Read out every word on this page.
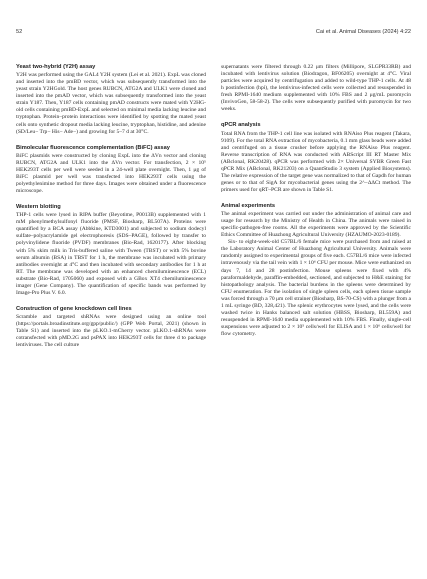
52	Cai et al. Animal Diseases (2024) 4:22
Yeast two-hybrid (Y2H) assay

Y2H was performed using the GAL4 Y2H system (Lei et al. 2021). ExpL was cloned and inserted into the pmBD vector, which was subsequently transformed into the yeast strain Y2HGold. The host genes RUBCN, ATG2A and ULK1 were cloned and inserted into the pmAD vector, which was subsequently transformed into the yeast strain Y187. Then, Y187 cells containing pmAD constructs were mated with Y2HG-old cells containing pmBD-ExpL and selected on minimal media lacking leucine and tryptophan. Protein–protein interactions were identified by spotting the mated yeast cells onto synthetic dropout media lacking leucine, tryptophan, histidine, and adenine (SD/Leu− Trp− His− Ade−) and growing for 5–7 d at 30°C.

Bimolecular fluorescence complementation (BiFC) assay

BiFC plasmids were constructed by cloning ExpL into the ΔVn vector and cloning RUBCN, ATG2A and ULK1 into the ΔVn vector. For transfection, 2 × 10⁵ HEK293T cells per well were seeded in a 24-well plate overnight. Then, 1 μg of BiFC plasmid per well was transfected into HEK293T cells using the polyethylenimine method for three days. Images were obtained under a fluorescence microscope.

Western blotting

THP-1 cells were lysed in RIPA buffer (Beyotime, P0013B) supplemented with 1 mM phenylmethylsulfonyl fluoride (PMSF, Biosharp, BL507A). Proteins were quantified by a BCA assay (Abbkine, KTD3001) and subjected to sodium dodecyl sulfate–polyacrylamide gel electrophoresis (SDS–PAGE), followed by transfer to polyvinylidene fluoride (PVDF) membranes (Bio-Rad, 1620177). After blocking with 5% skim milk in Tris-buffered saline with Tween (TBST) or with 5% bovine serum albumin (BSA) in TBST for 1 h, the membrane was incubated with primary antibodies overnight at 4°C and then incubated with secondary antibodies for 1 h at RT. The membrane was developed with an enhanced chemiluminescence (ECL) substrate (Bio-Rad, 1705060) and exposed with a GBox XT4 chemiluminescence imager (Gene Company). The quantification of specific bands was performed by Image-Pro Plus V. 6.0.

Construction of gene knockdown cell lines

Scramble and targeted shRNAs were designed using an online tool (https://portals.broadinstitute.org/gpp/public/) (GPP Web Portal, 2021) (shown in Table S1) and inserted into the pLKO.1-mCherry vector. pLKO.1-shRNAs were cotransfected with pMD.2G and psPAX into HEK293T cells for three d to package lentiviruses. The cell culture

supernatants were filtered through 0.22 μm filters (Millipore, SLGPR33RB) and incubated with lentivirus solution (Biodragon, BF06205) overnight at 4°C. Viral particles were acquired by centrifugation and added to wild-type THP-1 cells. At 48 h postinfection (hpi), the lentivirus-infected cells were collected and resuspended in fresh RPMI-1640 medium supplemented with 10% FBS and 2 μg/mL puromycin (InvivoGen, 58-58-2). The cells were subsequently purified with puromycin for two weeks.

qPCR analysis

Total RNA from the THP-1 cell line was isolated with RNAiso Plus reagent (Takara, 9109). For the total RNA extraction of mycobacteria, 0.1 mm glass beads were added and centrifuged on a tissue crusher before applying the RNAiso Plus reagent. Reverse transcription of RNA was conducted with ABScript III RT Master Mix (ABclonal, RK20428). qPCR was performed with 2× Universal SYBR Green Fast qPCR Mix (ABclonal, RK21203) on a QuantStudio 3 system (Applied Biosystems). The relative expression of the target gene was normalized to that of Gapdh for human genes or to that of SigA for mycobacterial genes using the 2^−ΔΔCt method. The primers used for qRT–PCR are shown in Table S1.

Animal experiments

The animal experiment was carried out under the administration of animal care and usage for research by the Ministry of Health in China. The animals were raised in specific-pathogen-free rooms. All the experiments were approved by the Scientific Ethics Committee of Huazhong Agricultural University (HZAUMO-2023-0189).

Six- to eight-week-old C57BL/6 female mice were purchased from and raised at the Laboratory Animal Center of Huazhong Agricultural University. Animals were randomly assigned to experimental groups of five each. C57BL/6 mice were infected intravenously via the tail vein with 1 × 10⁶ CFU per mouse. Mice were euthanized on days 7, 14 and 28 postinfection. Mouse spleens were fixed with 4% paraformaldehyde, paraffin-embedded, sectioned, and subjected to H&E staining for histopathology analysis. The bacterial burdens in the spleens were determined by CFU enumeration. For the isolation of single spleen cells, each spleen tissue sample was forced through a 70 μm cell strainer (Biosharp, BS-70-CS) with a plunger from a 1 mL syringe (BD, 328,421). The splenic erythrocytes were lysed, and the cells were washed twice in Hanks balanced salt solution (HBSS, Biosharp, BL559A) and resuspended in RPMI-1640 media supplemented with 10% FBS. Finally, single-cell suspensions were adjusted to 2 × 10⁵ cells/well for ELISA and 1 × 10⁶ cells/well for flow cytometry.
